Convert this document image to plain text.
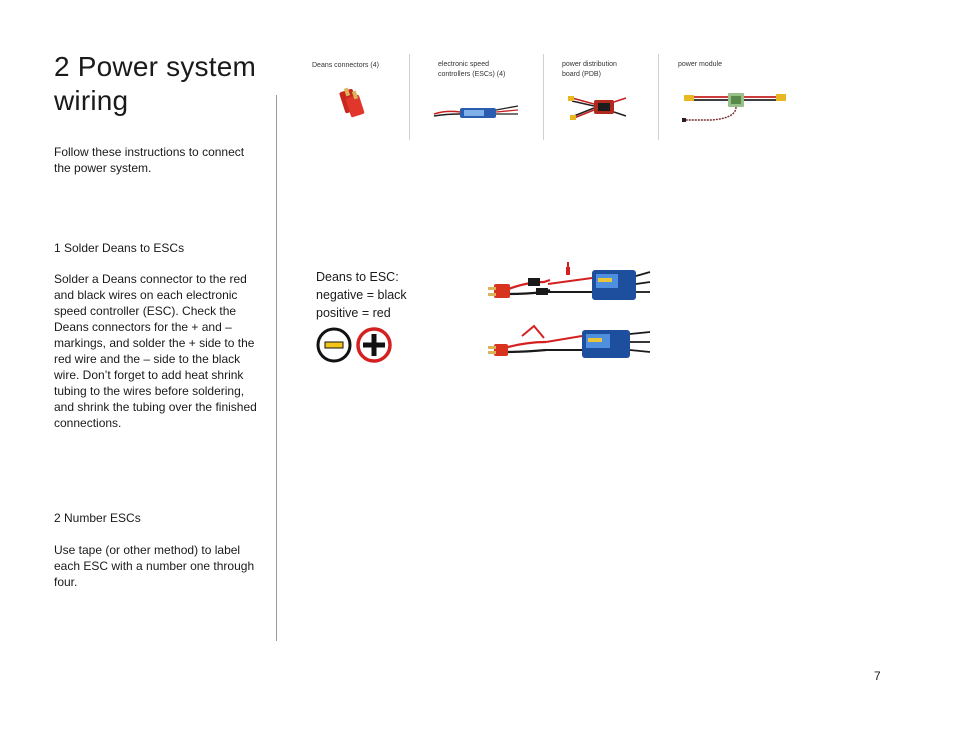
2 Power system wiring
Follow these instructions to connect the power system.
1 Solder Deans to ESCs
Solder a Deans connector to the red and black wires on each electronic speed controller (ESC). Check the Deans connectors for the + and – markings, and solder the + side to the red wire and the – side to the black wire. Don’t forget to add heat shrink tubing to the wires before soldering, and shrink the tubing over the finished connections.
2 Number ESCs
Use tape (or other method) to label each ESC with a number one through four.
Deans connectors (4)	electronic speed controllers (ESCs) (4)
power distribution board (PDB)
power module
Deans to ESC:
negative = black
positive = red
7
